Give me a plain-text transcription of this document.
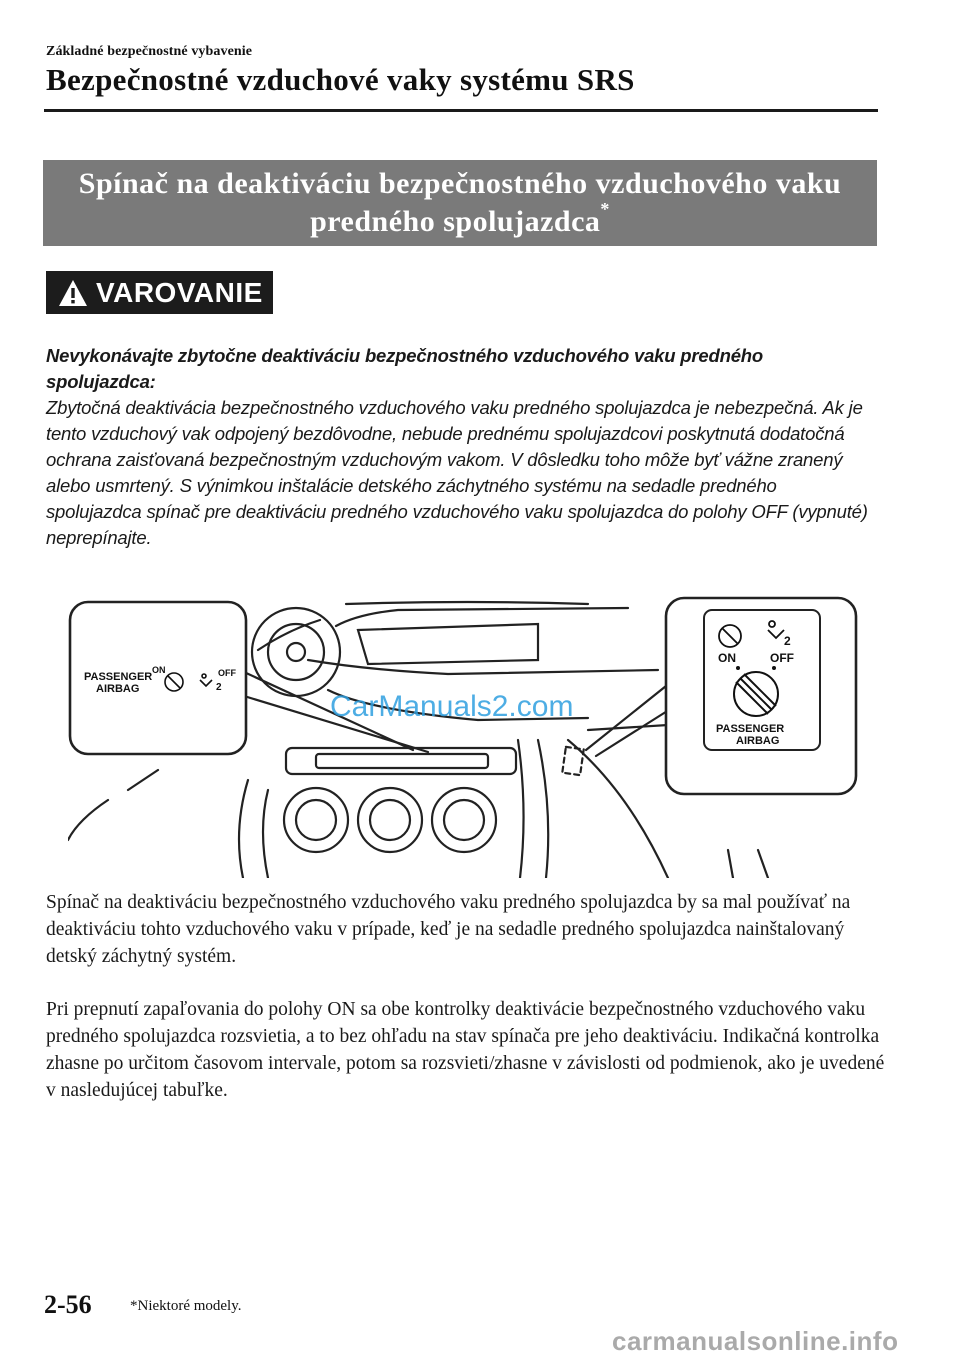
Základné bezpečnostné vybavenie
Bezpečnostné vzduchové vaky systému SRS
Spínač na deaktiváciu bezpečnostného vzduchového vaku
predného spolujazdca*
VAROVANIE
Nevykonávajte zbytočne deaktiváciu bezpečnostného vzduchového vaku predného spolujazdca:
Zbytočná deaktivácia bezpečnostného vzduchového vaku predného spolujazdca je nebezpečná. Ak je tento vzduchový vak odpojený bezdôvodne, nebude prednému spolujazdcovi poskytnutá dodatočná ochrana zaisťovaná bezpečnostným vzduchovým vakom. V dôsledku toho môže byť vážne zranený alebo usmrtený. S výnimkou inštalácie detského záchytného systému na sedadle predného spolujazdca spínač pre deaktiváciu predného vzduchového vaku spolujazdca do polohy OFF (vypnuté) neprepínajte.
PASSENGER
AIRBAG
ON	OFF
2
2
ON	OFF
PASSENGER
AIRBAG
CarManuals2.com
Spínač na deaktiváciu bezpečnostného vzduchového vaku predného spolujazdca by sa mal používať na deaktiváciu tohto vzduchového vaku v prípade, keď je na sedadle predného spolujazdca nainštalovaný detský záchytný systém.
Pri prepnutí zapaľovania do polohy ON sa obe kontrolky deaktivácie bezpečnostného vzduchového vaku predného spolujazdca rozsvietia, a to bez ohľadu na stav spínača pre jeho deaktiváciu. Indikačná kontrolka zhasne po určitom časovom intervale, potom sa rozsvieti/zhasne v závislosti od podmienok, ako je uvedené v nasledujúcej tabuľke.
2-56	*Niektoré modely.
carmanualsonline.info
